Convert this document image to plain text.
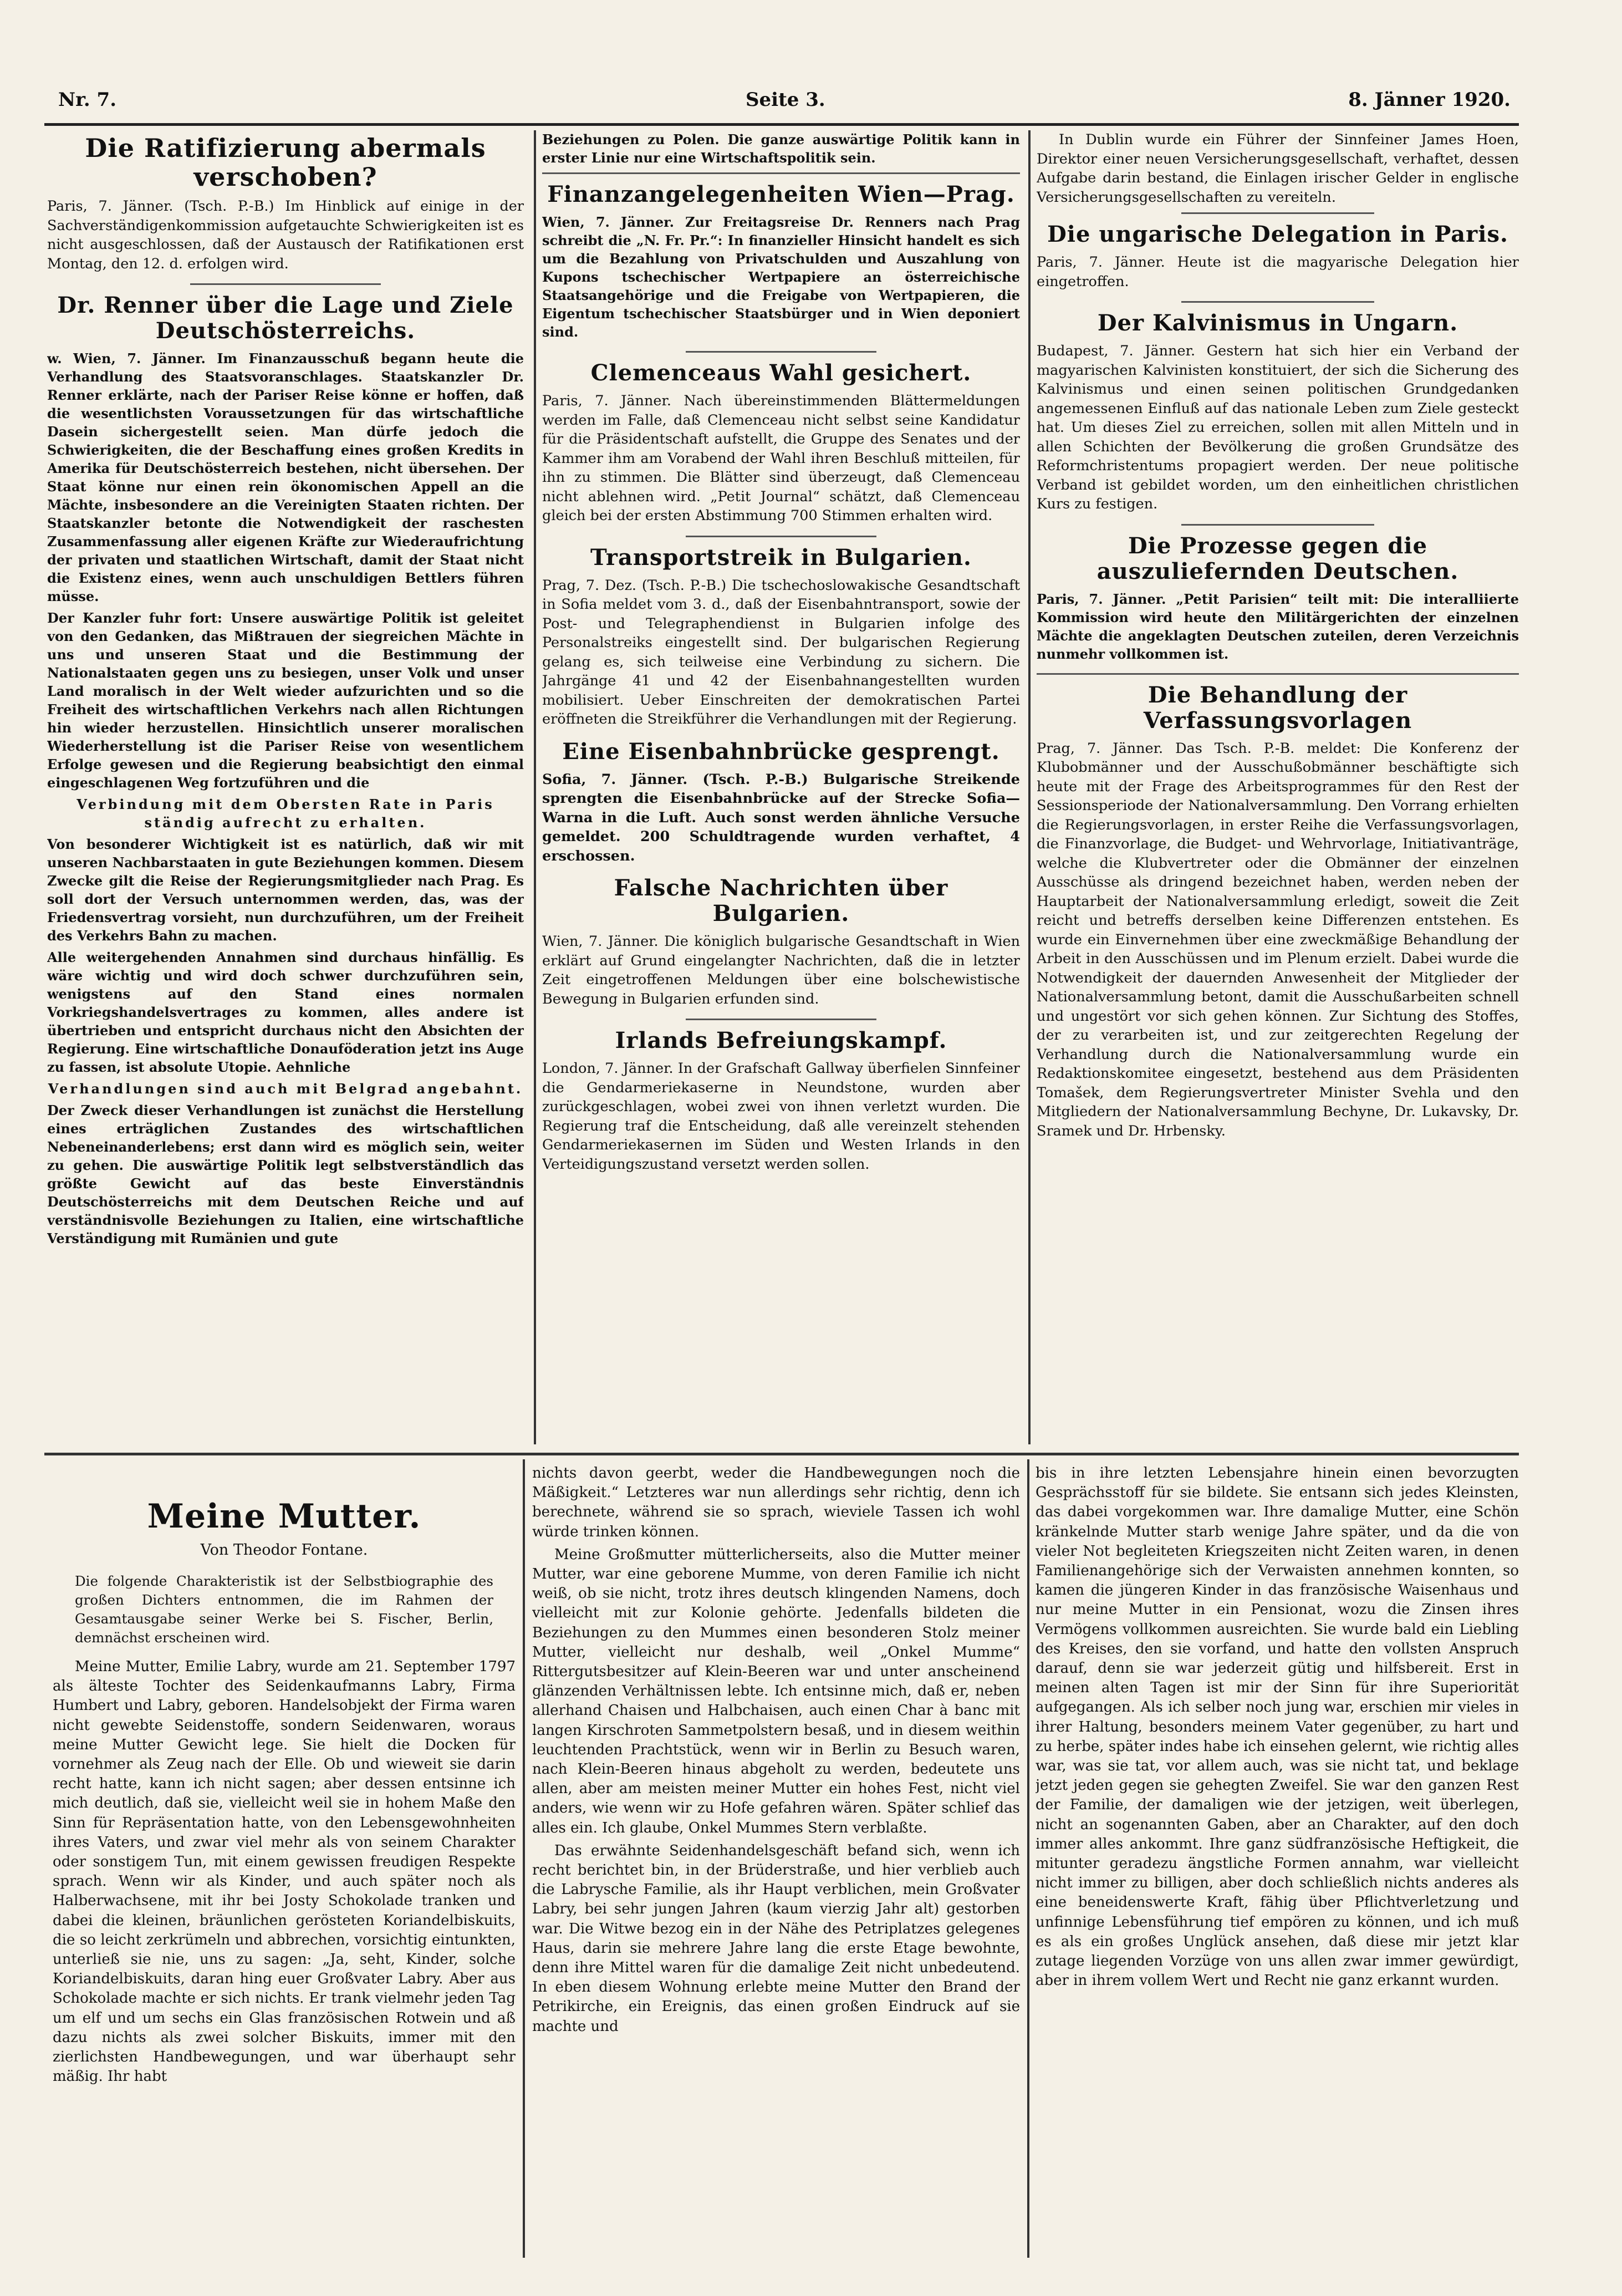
Nr. 7.	Seite 3.	8. Jänner 1920.
Die Ratifizierung abermals verschoben?

Paris, 7. Jänner. (Tsch. P.-B.) Im Hinblick auf einige in der Sachverständigenkommission aufgetauchte Schwierigkeiten ist es nicht ausgeschlossen, daß der Austausch der Ratifikationen erst Montag, den 12. d. erfolgen wird.

Dr. Renner über die Lage und Ziele Deutschösterreichs.

w. Wien, 7. Jänner. Im Finanzausschuß begann heute die Verhandlung des Staatsvoranschlages. Staatskanzler Dr. Renner erklärte, nach der Pariser Reise könne er hoffen, daß die wesentlichsten Voraussetzungen für das wirtschaftliche Dasein sichergestellt seien. Man dürfe jedoch die Schwierigkeiten, die der Beschaffung eines großen Kredits in Amerika für Deutschösterreich bestehen, nicht übersehen. Der Staat könne nur einen rein ökonomischen Appell an die Mächte, insbesondere an die Vereinigten Staaten richten. Der Staatskanzler betonte die Notwendigkeit der raschesten Zusammenfassung aller eigenen Kräfte zur Wiederaufrichtung der privaten und staatlichen Wirtschaft, damit der Staat nicht die Existenz eines, wenn auch unschuldigen Bettlers führen müsse.

Der Kanzler fuhr fort: Unsere auswärtige Politik ist geleitet von den Gedanken, das Mißtrauen der siegreichen Mächte in uns und unseren Staat und die Bestimmung der Nationalstaaten gegen uns zu besiegen, unser Volk und unser Land moralisch in der Welt wieder aufzurichten und so die Freiheit des wirtschaftlichen Verkehrs nach allen Richtungen hin wieder herzustellen. Hinsichtlich unserer moralischen Wiederherstellung ist die Pariser Reise von wesentlichem Erfolge gewesen und die Regierung beabsichtigt den einmal eingeschlagenen Weg fortzuführen und die

Verbindung mit dem Obersten Rate in Paris ständig aufrecht zu erhalten.

Von besonderer Wichtigkeit ist es natürlich, daß wir mit unseren Nachbarstaaten in gute Beziehungen kommen. Diesem Zwecke gilt die Reise der Regierungsmitglieder nach Prag. Es soll dort der Versuch unternommen werden, das, was der Friedensvertrag vorsieht, nun durchzuführen, um der Freiheit des Verkehrs Bahn zu machen.

Alle weitergehenden Annahmen sind durchaus hinfällig. Es wäre wichtig und wird doch schwer durchzuführen sein, wenigstens auf den Stand eines normalen Vorkriegshandelsvertrages zu kommen, alles andere ist übertrieben und entspricht durchaus nicht den Absichten der Regierung. Eine wirtschaftliche Donauföderation jetzt ins Auge zu fassen, ist absolute Utopie. Aehnliche

Verhandlungen sind auch mit Belgrad angebahnt.

Der Zweck dieser Verhandlungen ist zunächst die Herstellung eines erträglichen Zustandes des wirtschaftlichen Nebeneinanderlebens; erst dann wird es möglich sein, weiter zu gehen. Die auswärtige Politik legt selbstverständlich das größte Gewicht auf das beste Einverständnis Deutschösterreichs mit dem Deutschen Reiche und auf verständnisvolle Beziehungen zu Italien, eine wirtschaftliche Verständigung mit Rumänien und gute

Beziehungen zu Polen. Die ganze auswärtige Politik kann in erster Linie nur eine Wirtschaftspolitik sein.

Finanzangelegenheiten Wien—Prag.

Wien, 7. Jänner. Zur Freitagsreise Dr. Renners nach Prag schreibt die „N. Fr. Pr.“: In finanzieller Hinsicht handelt es sich um die Bezahlung von Privatschulden und Auszahlung von Kupons tschechischer Wertpapiere an österreichische Staatsangehörige und die Freigabe von Wertpapieren, die Eigentum tschechischer Staatsbürger und in Wien deponiert sind.

Clemenceaus Wahl gesichert.

Paris, 7. Jänner. Nach übereinstimmenden Blättermeldungen werden im Falle, daß Clemenceau nicht selbst seine Kandidatur für die Präsidentschaft aufstellt, die Gruppe des Senates und der Kammer ihm am Vorabend der Wahl ihren Beschluß mitteilen, für ihn zu stimmen. Die Blätter sind überzeugt, daß Clemenceau nicht ablehnen wird. „Petit Journal“ schätzt, daß Clemenceau gleich bei der ersten Abstimmung 700 Stimmen erhalten wird.

Transportstreik in Bulgarien.

Prag, 7. Dez. (Tsch. P.-B.) Die tschechoslowakische Gesandtschaft in Sofia meldet vom 3. d., daß der Eisenbahntransport, sowie der Post- und Telegraphendienst in Bulgarien infolge des Personalstreiks eingestellt sind. Der bulgarischen Regierung gelang es, sich teilweise eine Verbindung zu sichern. Die Jahrgänge 41 und 42 der Eisenbahnangestellten wurden mobilisiert. Ueber Einschreiten der demokratischen Partei eröffneten die Streikführer die Verhandlungen mit der Regierung.

Eine Eisenbahnbrücke gesprengt.

Sofia, 7. Jänner. (Tsch. P.-B.) Bulgarische Streikende sprengten die Eisenbahnbrücke auf der Strecke Sofia—Warna in die Luft. Auch sonst werden ähnliche Versuche gemeldet. 200 Schuldtragende wurden verhaftet, 4 erschossen.

Falsche Nachrichten über Bulgarien.

Wien, 7. Jänner. Die königlich bulgarische Gesandtschaft in Wien erklärt auf Grund eingelangter Nachrichten, daß die in letzter Zeit eingetroffenen Meldungen über eine bolschewistische Bewegung in Bulgarien erfunden sind.

Irlands Befreiungskampf.

London, 7. Jänner. In der Grafschaft Gallway überfielen Sinnfeiner die Gendarmeriekaserne in Neundstone, wurden aber zurückgeschlagen, wobei zwei von ihnen verletzt wurden. Die Regierung traf die Entscheidung, daß alle vereinzelt stehenden Gendarmeriekasernen im Süden und Westen Irlands in den Verteidigungszustand versetzt werden sollen.

In Dublin wurde ein Führer der Sinnfeiner James Hoen, Direktor einer neuen Versicherungsgesellschaft, verhaftet, dessen Aufgabe darin bestand, die Einlagen irischer Gelder in englische Versicherungsgesellschaften zu vereiteln.

Die ungarische Delegation in Paris.

Paris, 7. Jänner. Heute ist die magyarische Delegation hier eingetroffen.

Der Kalvinismus in Ungarn.

Budapest, 7. Jänner. Gestern hat sich hier ein Verband der magyarischen Kalvinisten konstituiert, der sich die Sicherung des Kalvinismus und einen seinen politischen Grundgedanken angemessenen Einfluß auf das nationale Leben zum Ziele gesteckt hat. Um dieses Ziel zu erreichen, sollen mit allen Mitteln und in allen Schichten der Bevölkerung die großen Grundsätze des Reformchristentums propagiert werden. Der neue politische Verband ist gebildet worden, um den einheitlichen christlichen Kurs zu festigen.

Die Prozesse gegen die auszuliefernden Deutschen.

Paris, 7. Jänner. „Petit Parisien“ teilt mit: Die interalliierte Kommission wird heute den Militärgerichten der einzelnen Mächte die angeklagten Deutschen zuteilen, deren Verzeichnis nunmehr vollkommen ist.

Die Behandlung der Verfassungsvorlagen

Prag, 7. Jänner. Das Tsch. P.-B. meldet: Die Konferenz der Klubobmänner und der Ausschußobmänner beschäftigte sich heute mit der Frage des Arbeitsprogrammes für den Rest der Sessionsperiode der Nationalversammlung. Den Vorrang erhielten die Regierungsvorlagen, in erster Reihe die Verfassungsvorlagen, die Finanzvorlage, die Budget- und Wehrvorlage, Initiativanträge, welche die Klubvertreter oder die Obmänner der einzelnen Ausschüsse als dringend bezeichnet haben, werden neben der Hauptarbeit der Nationalversammlung erledigt, soweit die Zeit reicht und betreffs derselben keine Differenzen entstehen. Es wurde ein Einvernehmen über eine zweckmäßige Behandlung der Arbeit in den Ausschüssen und im Plenum erzielt. Dabei wurde die Notwendigkeit der dauernden Anwesenheit der Mitglieder der Nationalversammlung betont, damit die Ausschußarbeiten schnell und ungestört vor sich gehen können. Zur Sichtung des Stoffes, der zu verarbeiten ist, und zur zeitgerechten Regelung der Verhandlung durch die Nationalversammlung wurde ein Redaktionskomitee eingesetzt, bestehend aus dem Präsidenten Tomašek, dem Regierungsvertreter Minister Svehla und den Mitgliedern der Nationalversammlung Bechyne, Dr. Lukavsky, Dr. Sramek und Dr. Hrbensky.

Meine Mutter.
Von Theodor Fontane.
Die folgende Charakteristik ist der Selbstbiographie des großen Dichters entnommen, die im Rahmen der Gesamtausgabe seiner Werke bei S. Fischer, Berlin, demnächst erscheinen wird.

Meine Mutter, Emilie Labry, wurde am 21. September 1797 als älteste Tochter des Seidenkaufmanns Labry, Firma Humbert und Labry, geboren. Handelsobjekt der Firma waren nicht gewebte Seidenstoffe, sondern Seidenwaren, woraus meine Mutter Gewicht lege. Sie hielt die Docken für vornehmer als Zeug nach der Elle. Ob und wieweit sie darin recht hatte, kann ich nicht sagen; aber dessen entsinne ich mich deutlich, daß sie, vielleicht weil sie in hohem Maße den Sinn für Repräsentation hatte, von den Lebensgewohnheiten ihres Vaters, und zwar viel mehr als von seinem Charakter oder sonstigem Tun, mit einem gewissen freudigen Respekte sprach. Wenn wir als Kinder, und auch später noch als Halberwachsene, mit ihr bei Josty Schokolade tranken und dabei die kleinen, bräunlichen gerösteten Koriandelbiskuits, die so leicht zerkrümeln und abbrechen, vorsichtig eintunkten, unterließ sie nie, uns zu sagen: „Ja, seht, Kinder, solche Koriandelbiskuits, daran hing euer Großvater Labry. Aber aus Schokolade machte er sich nichts. Er trank vielmehr jeden Tag um elf und um sechs ein Glas französischen Rotwein und aß dazu nichts als zwei solcher Biskuits, immer mit den zierlichsten Handbewegungen, und war überhaupt sehr mäßig. Ihr habt

nichts davon geerbt, weder die Handbewegungen noch die Mäßigkeit.“ Letzteres war nun allerdings sehr richtig, denn ich berechnete, während sie so sprach, wieviele Tassen ich wohl würde trinken können.

Meine Großmutter mütterlicherseits, also die Mutter meiner Mutter, war eine geborene Mumme, von deren Familie ich nicht weiß, ob sie nicht, trotz ihres deutsch klingenden Namens, doch vielleicht mit zur Kolonie gehörte. Jedenfalls bildeten die Beziehungen zu den Mummes einen besonderen Stolz meiner Mutter, vielleicht nur deshalb, weil „Onkel Mumme“ Rittergutsbesitzer auf Klein-Beeren war und unter anscheinend glänzenden Verhältnissen lebte. Ich entsinne mich, daß er, neben allerhand Chaisen und Halbchaisen, auch einen Char à banc mit langen Kirschroten Sammetpolstern besaß, und in diesem weithin leuchtenden Prachtstück, wenn wir in Berlin zu Besuch waren, nach Klein-Beeren hinaus abgeholt zu werden, bedeutete uns allen, aber am meisten meiner Mutter ein hohes Fest, nicht viel anders, wie wenn wir zu Hofe gefahren wären. Später schlief das alles ein. Ich glaube, Onkel Mummes Stern verblaßte.

Das erwähnte Seidenhandelsgeschäft befand sich, wenn ich recht berichtet bin, in der Brüderstraße, und hier verblieb auch die Labrysche Familie, als ihr Haupt verblichen, mein Großvater Labry, bei sehr jungen Jahren (kaum vierzig Jahr alt) gestorben war. Die Witwe bezog ein in der Nähe des Petriplatzes gelegenes Haus, darin sie mehrere Jahre lang die erste Etage bewohnte, denn ihre Mittel waren für die damalige Zeit nicht unbedeutend. In eben diesem Wohnung erlebte meine Mutter den Brand der Petrikirche, ein Ereignis, das einen großen Eindruck auf sie machte und

bis in ihre letzten Lebensjahre hinein einen bevorzugten Gesprächsstoff für sie bildete. Sie entsann sich jedes Kleinsten, das dabei vorgekommen war. Ihre damalige Mutter, eine Schön kränkelnde Mutter starb wenige Jahre später, und da die von vieler Not begleiteten Kriegszeiten nicht Zeiten waren, in denen Familienangehörige sich der Verwaisten annehmen konnten, so kamen die jüngeren Kinder in das französische Waisenhaus und nur meine Mutter in ein Pensionat, wozu die Zinsen ihres Vermögens vollkommen ausreichten. Sie wurde bald ein Liebling des Kreises, den sie vorfand, und hatte den vollsten Anspruch darauf, denn sie war jederzeit gütig und hilfsbereit. Erst in meinen alten Tagen ist mir der Sinn für ihre Superiorität aufgegangen. Als ich selber noch jung war, erschien mir vieles in ihrer Haltung, besonders meinem Vater gegenüber, zu hart und zu herbe, später indes habe ich einsehen gelernt, wie richtig alles war, was sie tat, vor allem auch, was sie nicht tat, und beklage jetzt jeden gegen sie gehegten Zweifel. Sie war den ganzen Rest der Familie, der damaligen wie der jetzigen, weit überlegen, nicht an sogenannten Gaben, aber an Charakter, auf den doch immer alles ankommt. Ihre ganz südfranzösische Heftigkeit, die mitunter geradezu ängstliche Formen annahm, war vielleicht nicht immer zu billigen, aber doch schließlich nichts anderes als eine beneidenswerte Kraft, fähig über Pflichtverletzung und unfinnige Lebensführung tief empören zu können, und ich muß es als ein großes Unglück ansehen, daß diese mir jetzt klar zutage liegenden Vorzüge von uns allen zwar immer gewürdigt, aber in ihrem vollem Wert und Recht nie ganz erkannt wurden.
